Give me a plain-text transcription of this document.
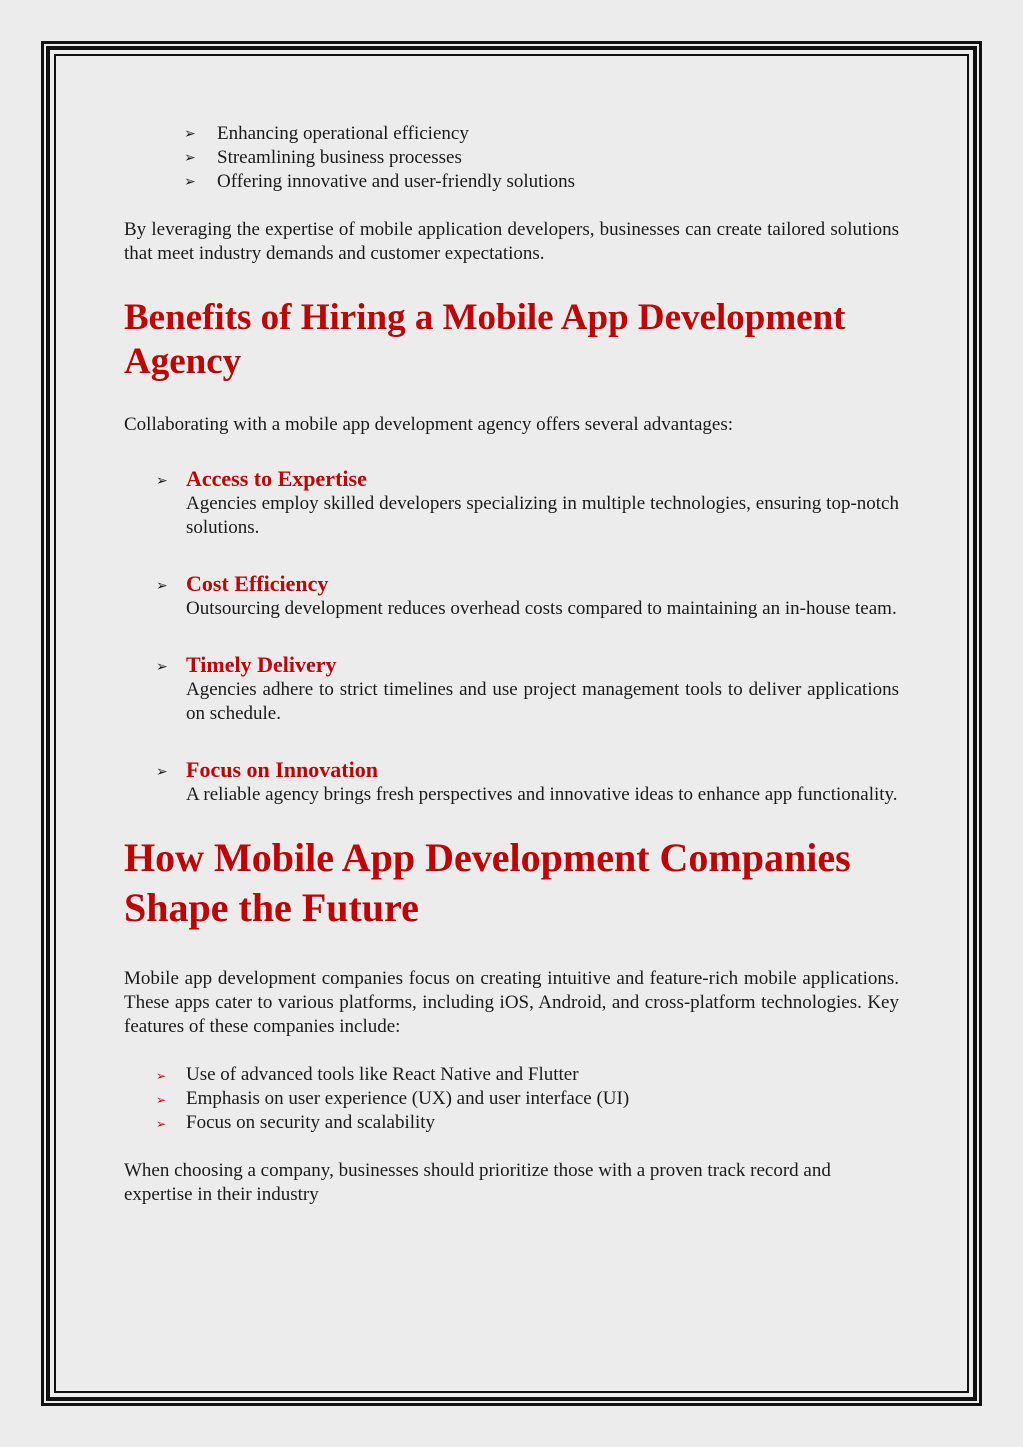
➢ Enhancing operational efficiency
➢ Streamlining business processes
➢ Offering innovative and user-friendly solutions

By leveraging the expertise of mobile application developers, businesses can create tailored solutions that meet industry demands and customer expectations.

Benefits of Hiring a Mobile App Development Agency

Collaborating with a mobile app development agency offers several advantages:

➢ Access to Expertise
Agencies employ skilled developers specializing in multiple technologies, ensuring top-notch solutions.
➢ Cost Efficiency
Outsourcing development reduces overhead costs compared to maintaining an in-house team.
➢ Timely Delivery
Agencies adhere to strict timelines and use project management tools to deliver applications on schedule.
➢ Focus on Innovation
A reliable agency brings fresh perspectives and innovative ideas to enhance app functionality.
How Mobile App Development Companies Shape the Future

Mobile app development companies focus on creating intuitive and feature-rich mobile applications. These apps cater to various platforms, including iOS, Android, and cross-platform technologies. Key features of these companies include:

➢ Use of advanced tools like React Native and Flutter
➢ Emphasis on user experience (UX) and user interface (UI)
➢ Focus on security and scalability

When choosing a company, businesses should prioritize those with a proven track record and expertise in their industry
